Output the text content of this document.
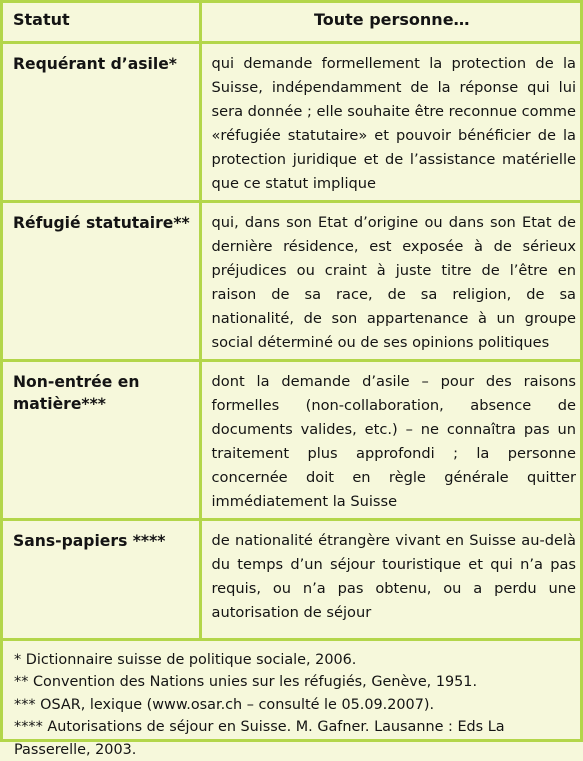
Statut	Toute personne…
Requérant d’asile*	qui demande formellement la protection de la Suisse, indépendamment de la réponse qui lui sera donnée ; elle souhaite être reconnue comme «réfugiée statutaire» et pouvoir bénéficier de la protection juridique et de l’assistance matérielle que ce statut implique
Réfugié statutaire**	qui, dans son Etat d’origine ou dans son Etat de dernière résidence, est exposée à de sérieux préjudices ou craint à juste titre de l’être en raison de sa race, de sa religion, de sa nationalité, de son appartenance à un groupe social déterminé ou de ses opinions politiques
Non-entrée en matière***	dont la demande d’asile – pour des raisons formelles (non-collaboration, absence de documents valides, etc.) – ne connaîtra pas un traitement plus approfondi ; la personne concernée doit en règle générale quitter immédiatement la Suisse
Sans-papiers ****	de nationalité étrangère vivant en Suisse au-delà du temps d’un séjour touristique et qui n’a pas requis, ou n’a pas obtenu, ou a perdu une autorisation de séjour
* Dictionnaire suisse de politique sociale, 2006.
** Convention des Nations unies sur les réfugiés, Genève, 1951.
*** OSAR, lexique (www.osar.ch – consulté le 05.09.2007).
**** Autorisations de séjour en Suisse. M. Gafner. Lausanne : Eds La Passerelle, 2003.
